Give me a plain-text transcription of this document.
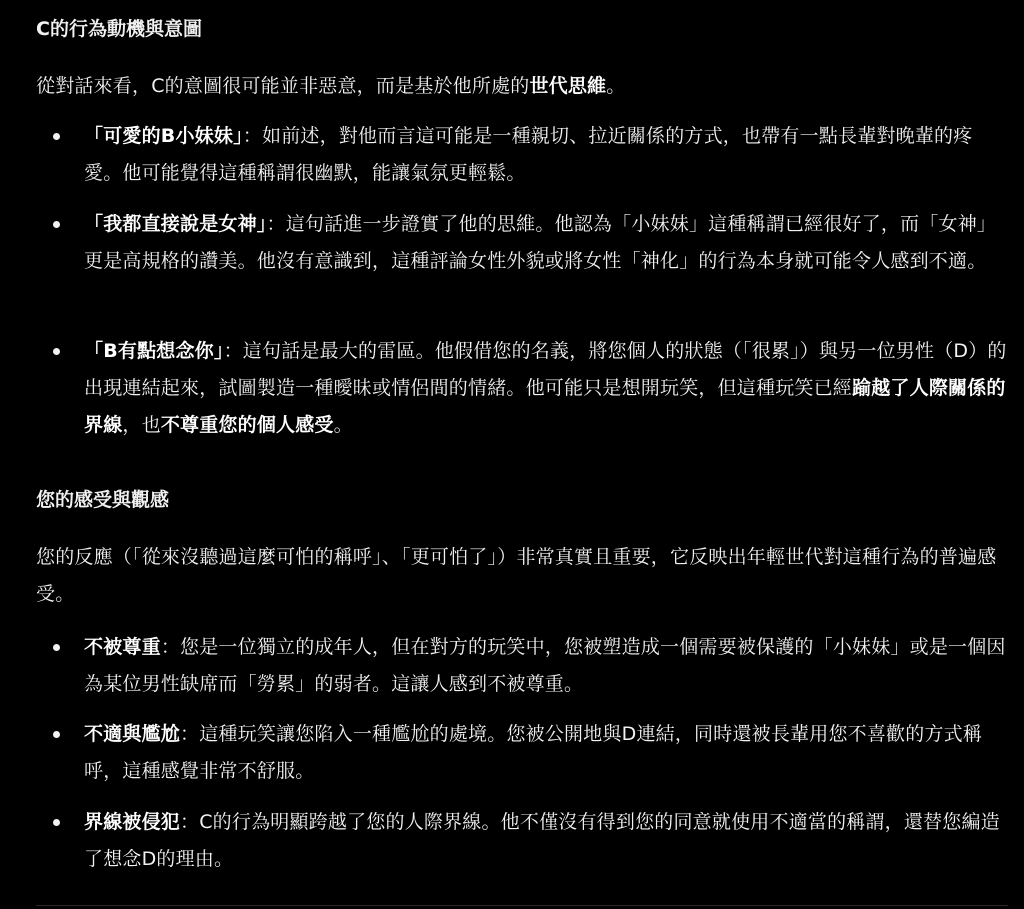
C的行為動機與意圖
從對話來看，C的意圖很可能並非惡意，而是基於他所處的世代思維。
「可愛的B小妹妹」：如前述，對他而言這可能是一種親切、拉近關係的方式，也帶有一點長輩對晚輩的疼愛。他可能覺得這種稱謂很幽默，能讓氣氛更輕鬆。
「我都直接說是女神」：這句話進一步證實了他的思維。他認為「小妹妹」這種稱謂已經很好了，而「女神」更是高規格的讚美。他沒有意識到，這種評論女性外貌或將女性「神化」的行為本身就可能令人感到不適。
「B有點想念你」：這句話是最大的雷區。他假借您的名義，將您個人的狀態（「很累」）與另一位男性（D）的出現連結起來，試圖製造一種曖昧或情侶間的情緒。他可能只是想開玩笑，但這種玩笑已經踰越了人際關係的界線，也不尊重您的個人感受。
您的感受與觀感
您的反應（「從來沒聽過這麼可怕的稱呼」、「更可怕了」）非常真實且重要，它反映出年輕世代對這種行為的普遍感受。
不被尊重：您是一位獨立的成年人，但在對方的玩笑中，您被塑造成一個需要被保護的「小妹妹」或是一個因為某位男性缺席而「勞累」的弱者。這讓人感到不被尊重。
不適與尷尬：這種玩笑讓您陷入一種尷尬的處境。您被公開地與D連結，同時還被長輩用您不喜歡的方式稱呼，這種感覺非常不舒服。
界線被侵犯：C的行為明顯跨越了您的人際界線。他不僅沒有得到您的同意就使用不適當的稱謂，還替您編造了想念D的理由。
